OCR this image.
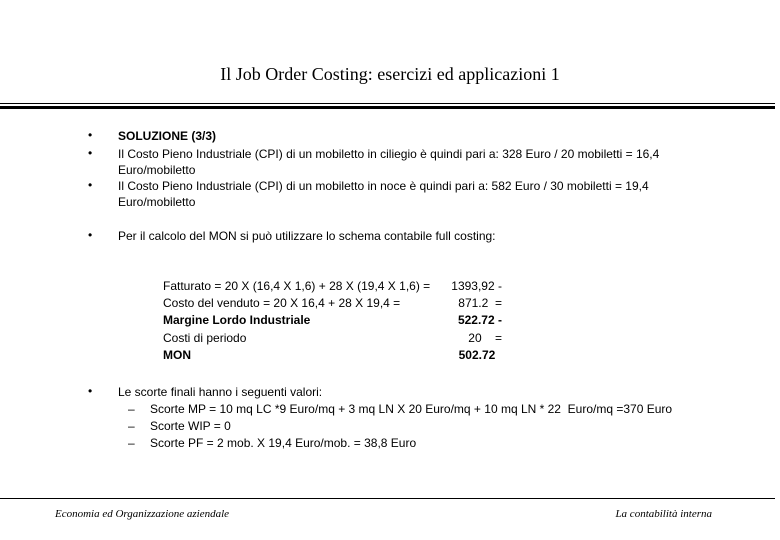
Il Job Order Costing: esercizi ed applicazioni 1
• SOLUZIONE (3/3)
• Il Costo Pieno Industriale (CPI) di un mobiletto in ciliegio è quindi pari a: 328 Euro / 20 mobiletti = 16,4 Euro/mobiletto
• Il Costo Pieno Industriale (CPI) di un mobiletto in noce è quindi pari a: 582 Euro / 30 mobiletti = 19,4 Euro/mobiletto
• Per il calcolo del MON si può utilizzare lo schema contabile full costing:
Fatturato = 20 X (16,4 X 1,6) + 28 X (19,4 X 1,6) =	1393,92 -
Costo del venduto = 20 X 16,4 + 28 X 19,4 =	871.2  =
Margine Lordo Industriale	522.72 -
Costi di periodo	20    =
MON	502.72
• Le scorte finali hanno i seguenti valori:
– Scorte MP = 10 mq LC *9 Euro/mq + 3 mq LN X 20 Euro/mq + 10 mq LN * 22  Euro/mq =370 Euro
– Scorte WIP = 0
– Scorte PF = 2 mob. X 19,4 Euro/mob. = 38,8 Euro
Economia ed Organizzazione aziendale	La contabilità interna
